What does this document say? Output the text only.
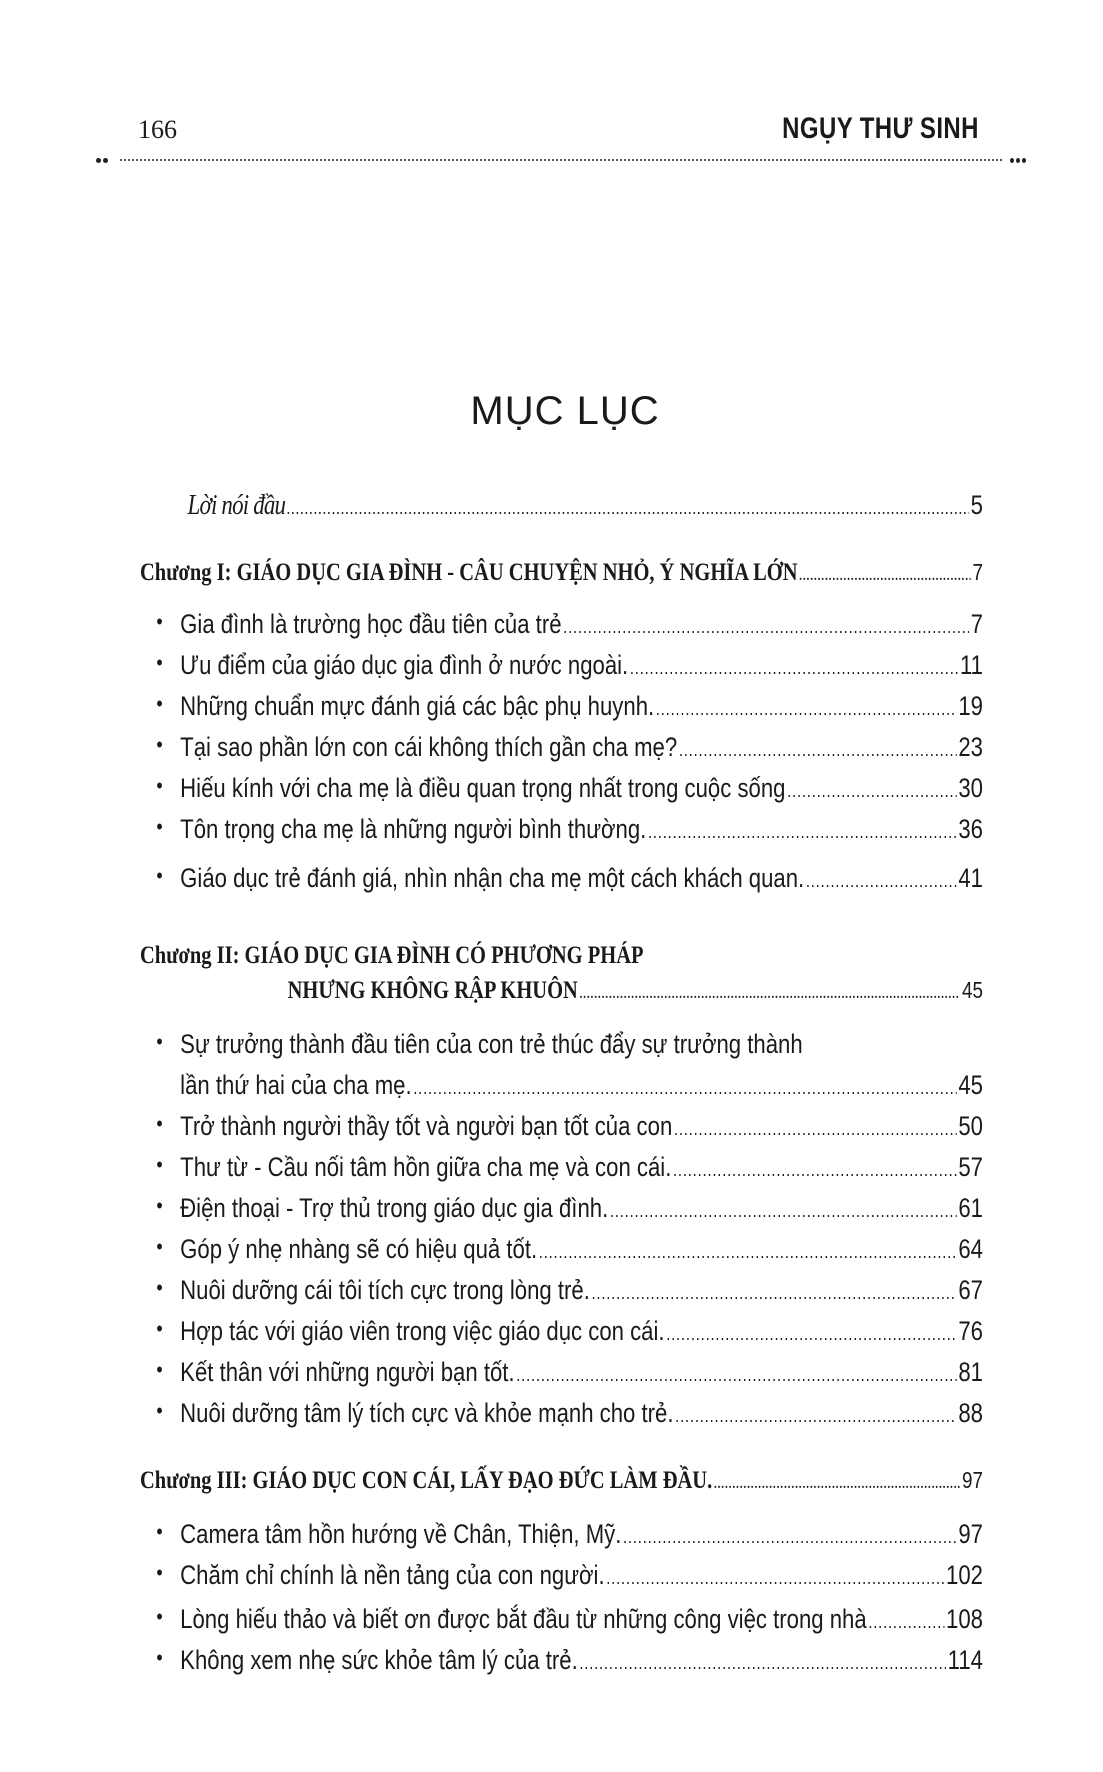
166	NGỤY THƯ SINH
MỤC LỤC
Lời nói đầu .....	5
Chương I: GIÁO DỤC GIA ĐÌNH - CÂU CHUYỆN NHỎ, Ý NGHĨA LỚN .....	7
• Gia đình là trường học đầu tiên của trẻ .....	7
• Ưu điểm của giáo dục gia đình ở nước ngoài. .....	11
• Những chuẩn mực đánh giá các bậc phụ huynh. .....	19
• Tại sao phần lớn con cái không thích gần cha mẹ? .....	23
• Hiếu kính với cha mẹ là điều quan trọng nhất trong cuộc sống .....	30
• Tôn trọng cha mẹ là những người bình thường. .....	36
• Giáo dục trẻ đánh giá, nhìn nhận cha mẹ một cách khách quan. .....	41
Chương II: GIÁO DỤC GIA ĐÌNH CÓ PHƯƠNG PHÁP
NHƯNG KHÔNG RẬP KHUÔN .....	45
• Sự trưởng thành đầu tiên của con trẻ thúc đẩy sự trưởng thành
lần thứ hai của cha mẹ. .....	45
• Trở thành người thầy tốt và người bạn tốt của con .....	50
• Thư từ - Cầu nối tâm hồn giữa cha mẹ và con cái. .....	57
• Điện thoại - Trợ thủ trong giáo dục gia đình. .....	61
• Góp ý nhẹ nhàng sẽ có hiệu quả tốt. .....	64
• Nuôi dưỡng cái tôi tích cực trong lòng trẻ. .....	67
• Hợp tác với giáo viên trong việc giáo dục con cái. .....	76
• Kết thân với những người bạn tốt. .....	81
• Nuôi dưỡng tâm lý tích cực và khỏe mạnh cho trẻ. .....	88
Chương III: GIÁO DỤC CON CÁI, LẤY ĐẠO ĐỨC LÀM ĐẦU. .....	97
• Camera tâm hồn hướng về Chân, Thiện, Mỹ. .....	97
• Chăm chỉ chính là nền tảng của con người. .....	102
• Lòng hiếu thảo và biết ơn được bắt đầu từ những công việc trong nhà .....	108
• Không xem nhẹ sức khỏe tâm lý của trẻ. .....	114
